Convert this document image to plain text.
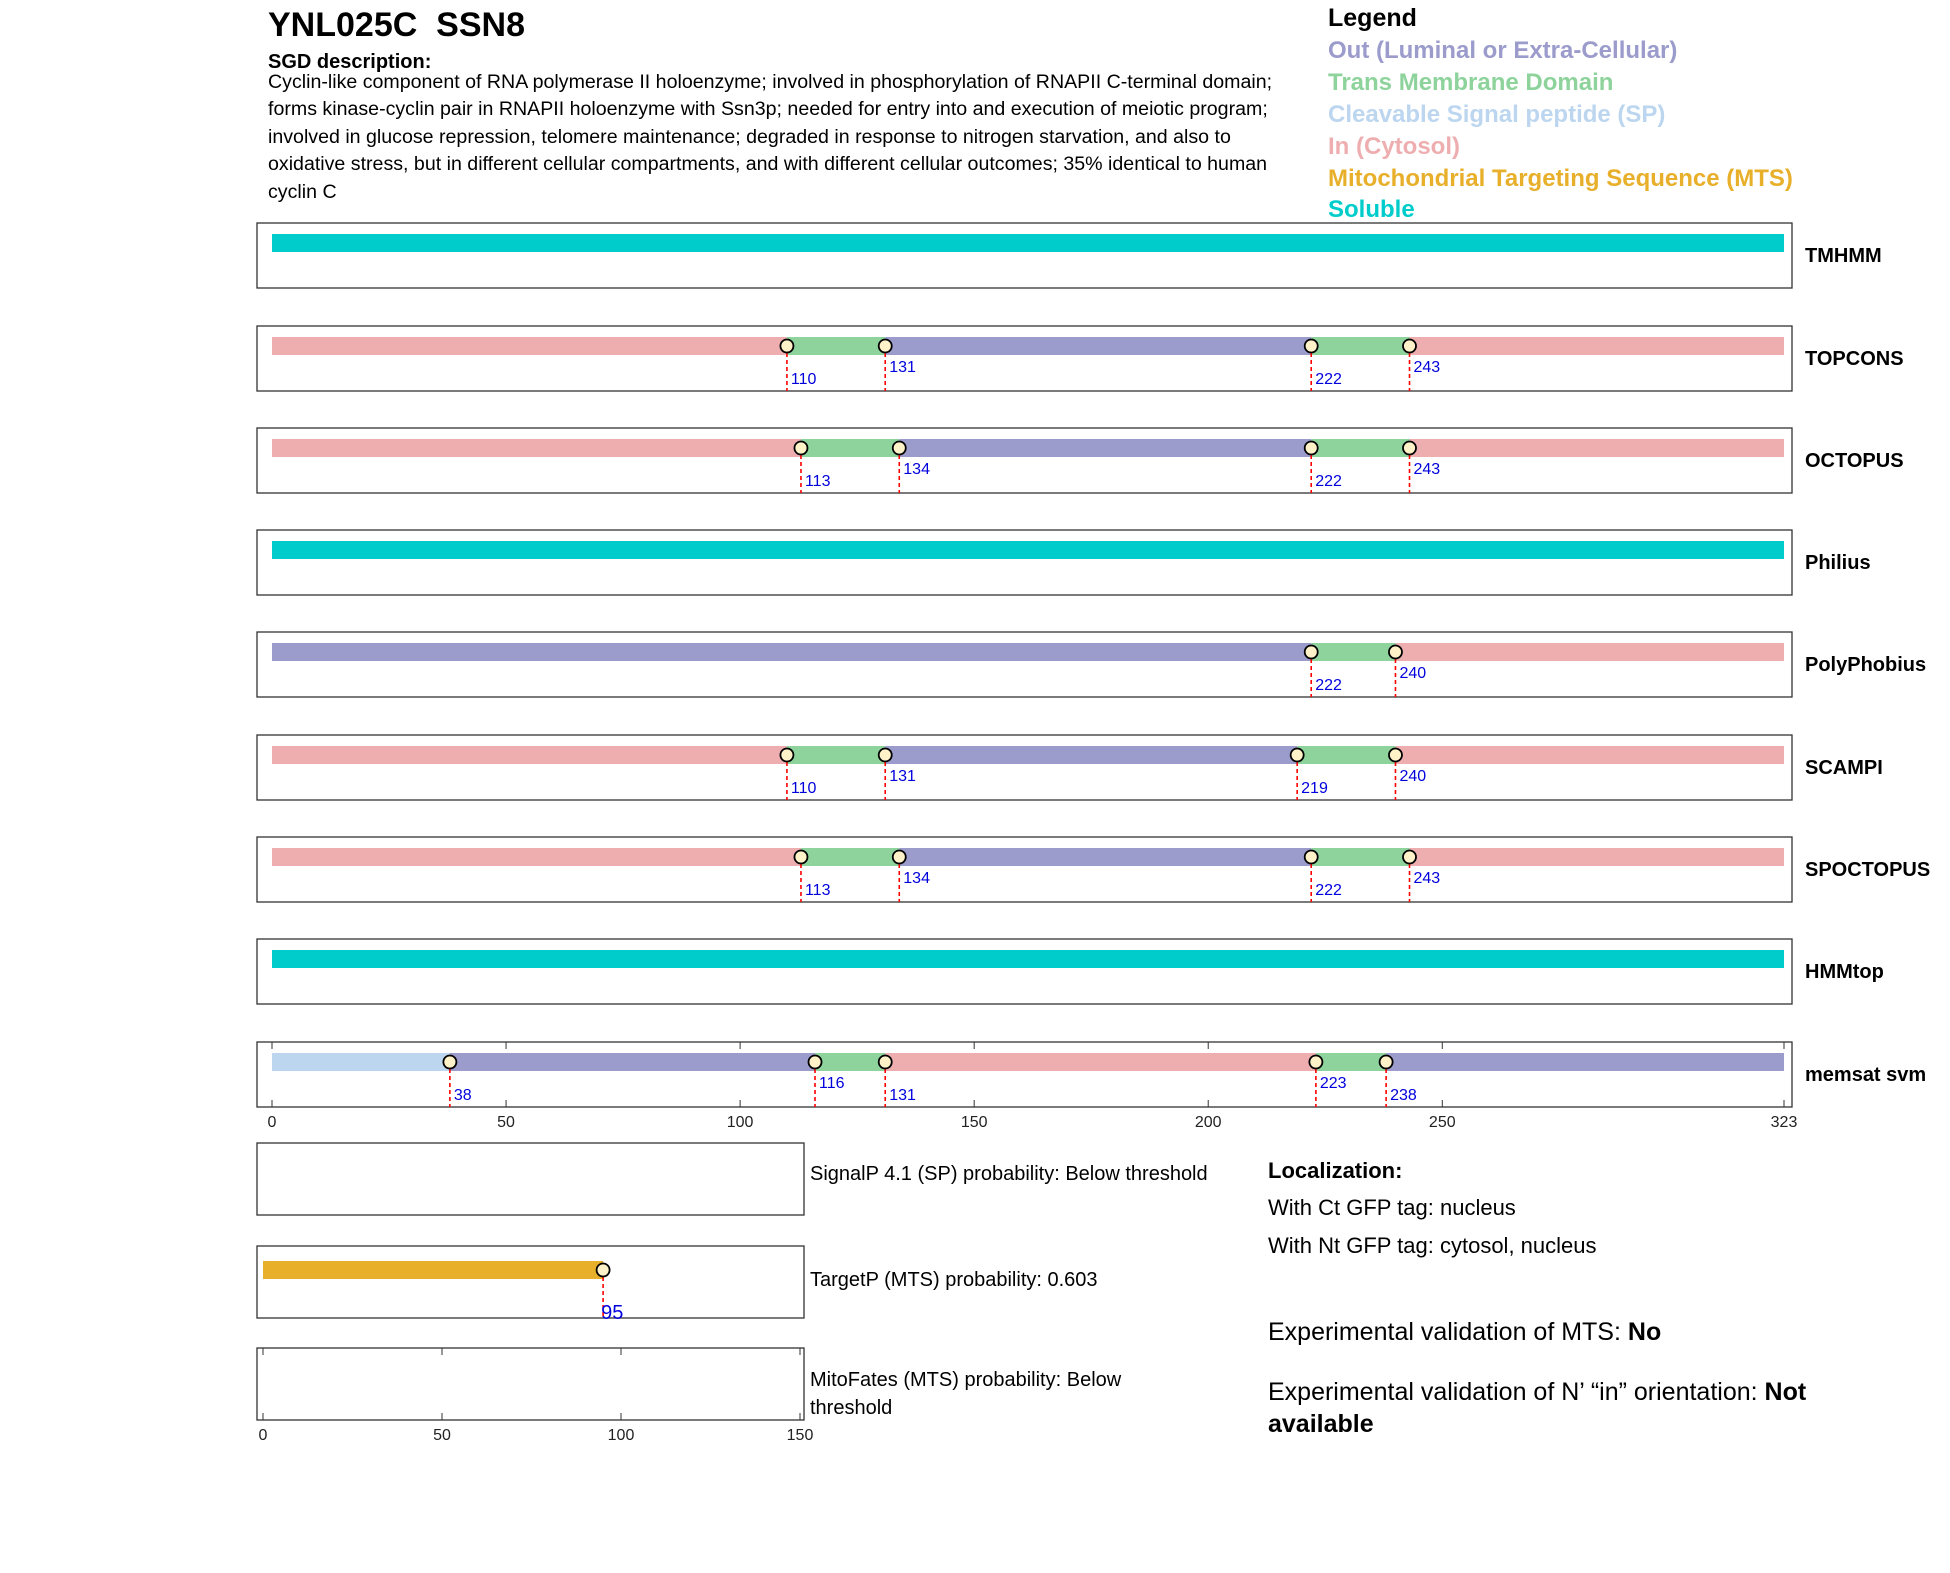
YNL025C  SSN8
SGD description:
Cyclin-like component of RNA polymerase II holoenzyme; involved in phosphorylation of RNAPII C-terminal domain; forms kinase-cyclin pair in RNAPII holoenzyme with Ssn3p; needed for entry into and execution of meiotic program; involved in glucose repression, telomere maintenance; degraded in response to nitrogen starvation, and also to oxidative stress, but in different cellular compartments, and with different cellular outcomes; 35% identical to human cyclin C
Legend
Out (Luminal or Extra-Cellular)
Trans Membrane Domain
Cleavable Signal peptide (SP)
In (Cytosol)
Mitochondrial Targeting Sequence (MTS)
Soluble
TMHMM
110
131
222
243	TOPCONS
113
134
222
243	OCTOPUS
Philius
222
240	PolyPhobius
110
131
219
240	SCAMPI
113
134
222
243	SPOCTOPUS
HMMtop
0	50	100	150	200	250	323
38
116
131
223
238
memsat svm
95
0	50	100	150
SignalP 4.1 (SP) probability: Below threshold
TargetP (MTS) probability: 0.603
MitoFates (MTS) probability: Below threshold
Localization:
With Ct GFP tag: nucleus
With Nt GFP tag: cytosol, nucleus
Experimental validation of MTS: No
Experimental validation of N’ “in” orientation: Not available
